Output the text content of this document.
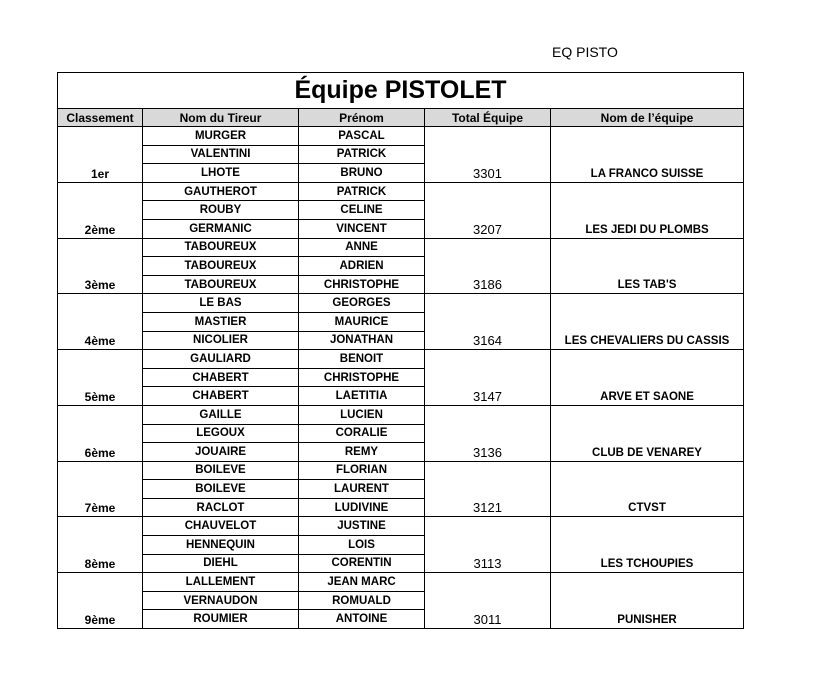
EQ PISTO
Équipe PISTOLET				
Classement	Nom du Tireur	Prénom	Total Équipe	Nom de l’équipe
1er	MURGER	PASCAL	3301	LA FRANCO SUISSE
	VALENTINI	PATRICK		
	LHOTE	BRUNO		
2ème	GAUTHEROT	PATRICK	3207	LES JEDI DU PLOMBS
	ROUBY	CELINE		
	GERMANIC	VINCENT		
3ème	TABOUREUX	ANNE	3186	LES TAB'S
	TABOUREUX	ADRIEN		
	TABOUREUX	CHRISTOPHE		
4ème	LE BAS	GEORGES	3164	LES CHEVALIERS DU CASSIS
	MASTIER	MAURICE		
	NICOLIER	JONATHAN		
5ème	GAULIARD	BENOIT	3147	ARVE ET SAONE
	CHABERT	CHRISTOPHE		
	CHABERT	LAETITIA		
6ème	GAILLE	LUCIEN	3136	CLUB DE VENAREY
	LEGOUX	CORALIE		
	JOUAIRE	REMY		
7ème	BOILEVE	FLORIAN	3121	CTVST
	BOILEVE	LAURENT		
	RACLOT	LUDIVINE		
8ème	CHAUVELOT	JUSTINE	3113	LES TCHOUPIES
	HENNEQUIN	LOIS		
	DIEHL	CORENTIN		
9ème	LALLEMENT	JEAN MARC	3011	PUNISHER
	VERNAUDON	ROMUALD		
	ROUMIER	ANTOINE		
